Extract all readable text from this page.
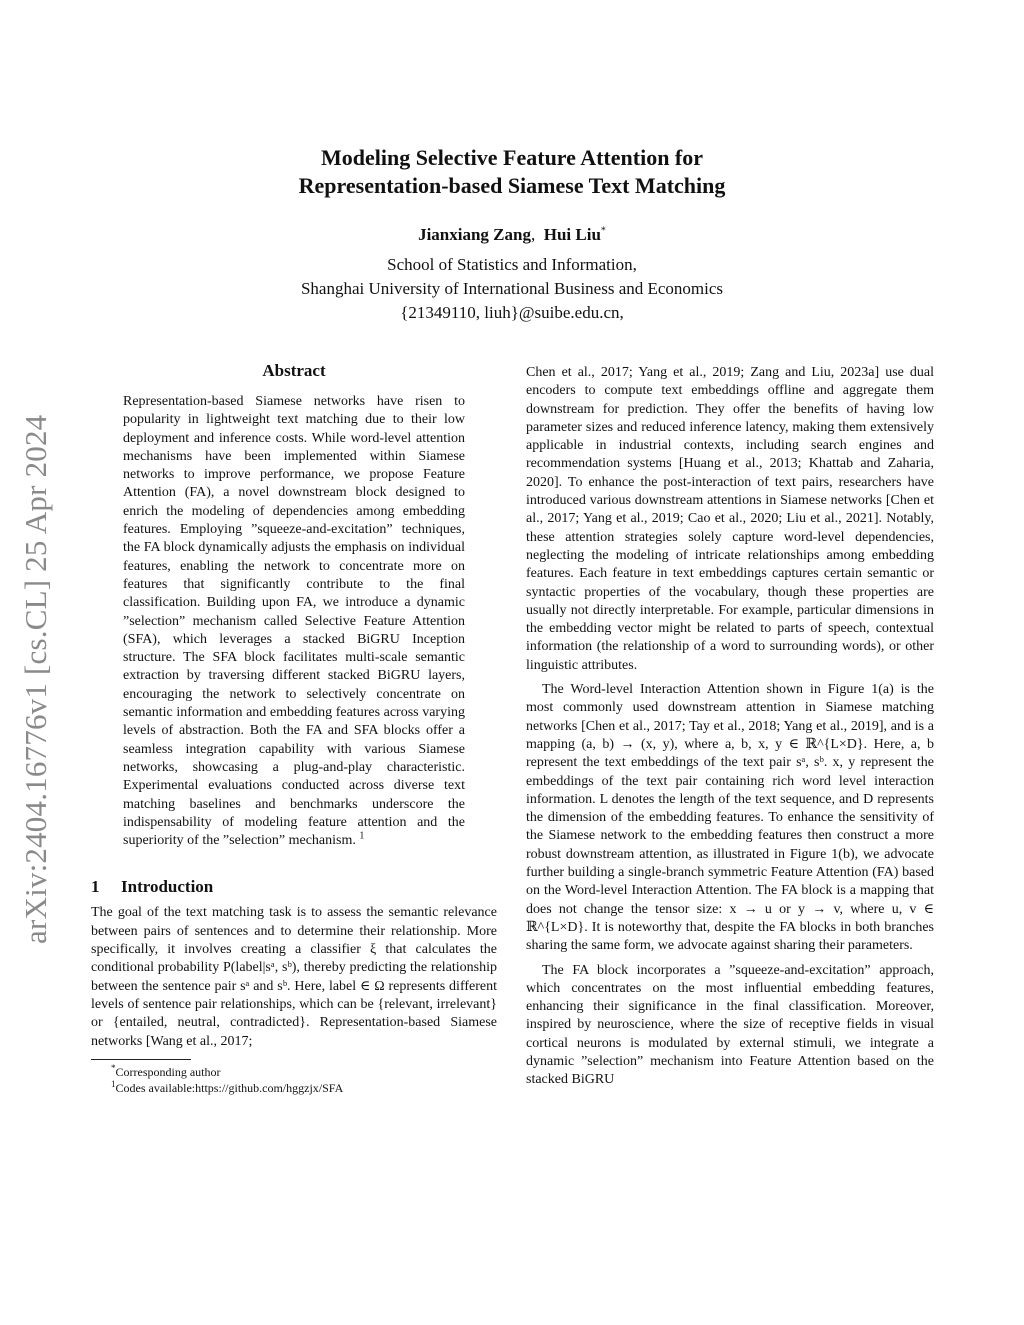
arXiv:2404.16776v1 [cs.CL] 25 Apr 2024
Modeling Selective Feature Attention for
Representation-based Siamese Text Matching
Jianxiang Zang, Hui Liu*
School of Statistics and Information,
Shanghai University of International Business and Economics
{21349110, liuh}@suibe.edu.cn,
Abstract
Representation-based Siamese networks have risen to popularity in lightweight text matching due to their low deployment and inference costs. While word-level attention mechanisms have been implemented within Siamese networks to improve performance, we propose Feature Attention (FA), a novel downstream block designed to enrich the modeling of dependencies among embedding features. Employing ”squeeze-and-excitation” techniques, the FA block dynamically adjusts the emphasis on individual features, enabling the network to concentrate more on features that significantly contribute to the final classification. Building upon FA, we introduce a dynamic ”selection” mechanism called Selective Feature Attention (SFA), which leverages a stacked BiGRU Inception structure. The SFA block facilitates multi-scale semantic extraction by traversing different stacked BiGRU layers, encouraging the network to selectively concentrate on semantic information and embedding features across varying levels of abstraction. Both the FA and SFA blocks offer a seamless integration capability with various Siamese networks, showcasing a plug-and-play characteristic. Experimental evaluations conducted across diverse text matching baselines and benchmarks underscore the indispensability of modeling feature attention and the superiority of the ”selection” mechanism. $^1$
1 Introduction

The goal of the text matching task is to assess the semantic relevance between pairs of sentences and to determine their relationship. More specifically, it involves creating a classifier ξ that calculates the conditional probability P(label|sᵃ, sᵇ), thereby predicting the relationship between the sentence pair sᵃ and sᵇ. Here, label ∈ Ω represents different levels of sentence pair relationships, which can be {relevant, irrelevant} or {entailed, neutral, contradicted}. Representation-based Siamese networks [Wang et al., 2017;

*Corresponding author
$^1$Codes available:https://github.com/hggzjx/SFA

Chen et al., 2017; Yang et al., 2019; Zang and Liu, 2023a] use dual encoders to compute text embeddings offline and aggregate them downstream for prediction. They offer the benefits of having low parameter sizes and reduced inference latency, making them extensively applicable in industrial contexts, including search engines and recommendation systems [Huang et al., 2013; Khattab and Zaharia, 2020]. To enhance the post-interaction of text pairs, researchers have introduced various downstream attentions in Siamese networks [Chen et al., 2017; Yang et al., 2019; Cao et al., 2020; Liu et al., 2021]. Notably, these attention strategies solely capture word-level dependencies, neglecting the modeling of intricate relationships among embedding features. Each feature in text embeddings captures certain semantic or syntactic properties of the vocabulary, though these properties are usually not directly interpretable. For example, particular dimensions in the embedding vector might be related to parts of speech, contextual information (the relationship of a word to surrounding words), or other linguistic attributes.

The Word-level Interaction Attention shown in Figure 1(a) is the most commonly used downstream attention in Siamese matching networks [Chen et al., 2017; Tay et al., 2018; Yang et al., 2019], and is a mapping (a, b) → (x, y), where a, b, x, y ∈ ℝ^{L×D}. Here, a, b represent the text embeddings of the text pair sᵃ, sᵇ. x, y represent the embeddings of the text pair containing rich word level interaction information. L denotes the length of the text sequence, and D represents the dimension of the embedding features. To enhance the sensitivity of the Siamese network to the embedding features then construct a more robust downstream attention, as illustrated in Figure 1(b), we advocate further building a single-branch symmetric Feature Attention (FA) based on the Word-level Interaction Attention. The FA block is a mapping that does not change the tensor size: x → u or y → v, where u, v ∈ ℝ^{L×D}. It is noteworthy that, despite the FA blocks in both branches sharing the same form, we advocate against sharing their parameters.

The FA block incorporates a ”squeeze-and-excitation” approach, which concentrates on the most influential embedding features, enhancing their significance in the final classification. Moreover, inspired by neuroscience, where the size of receptive fields in visual cortical neurons is modulated by external stimuli, we integrate a dynamic ”selection” mechanism into Feature Attention based on the stacked BiGRU
